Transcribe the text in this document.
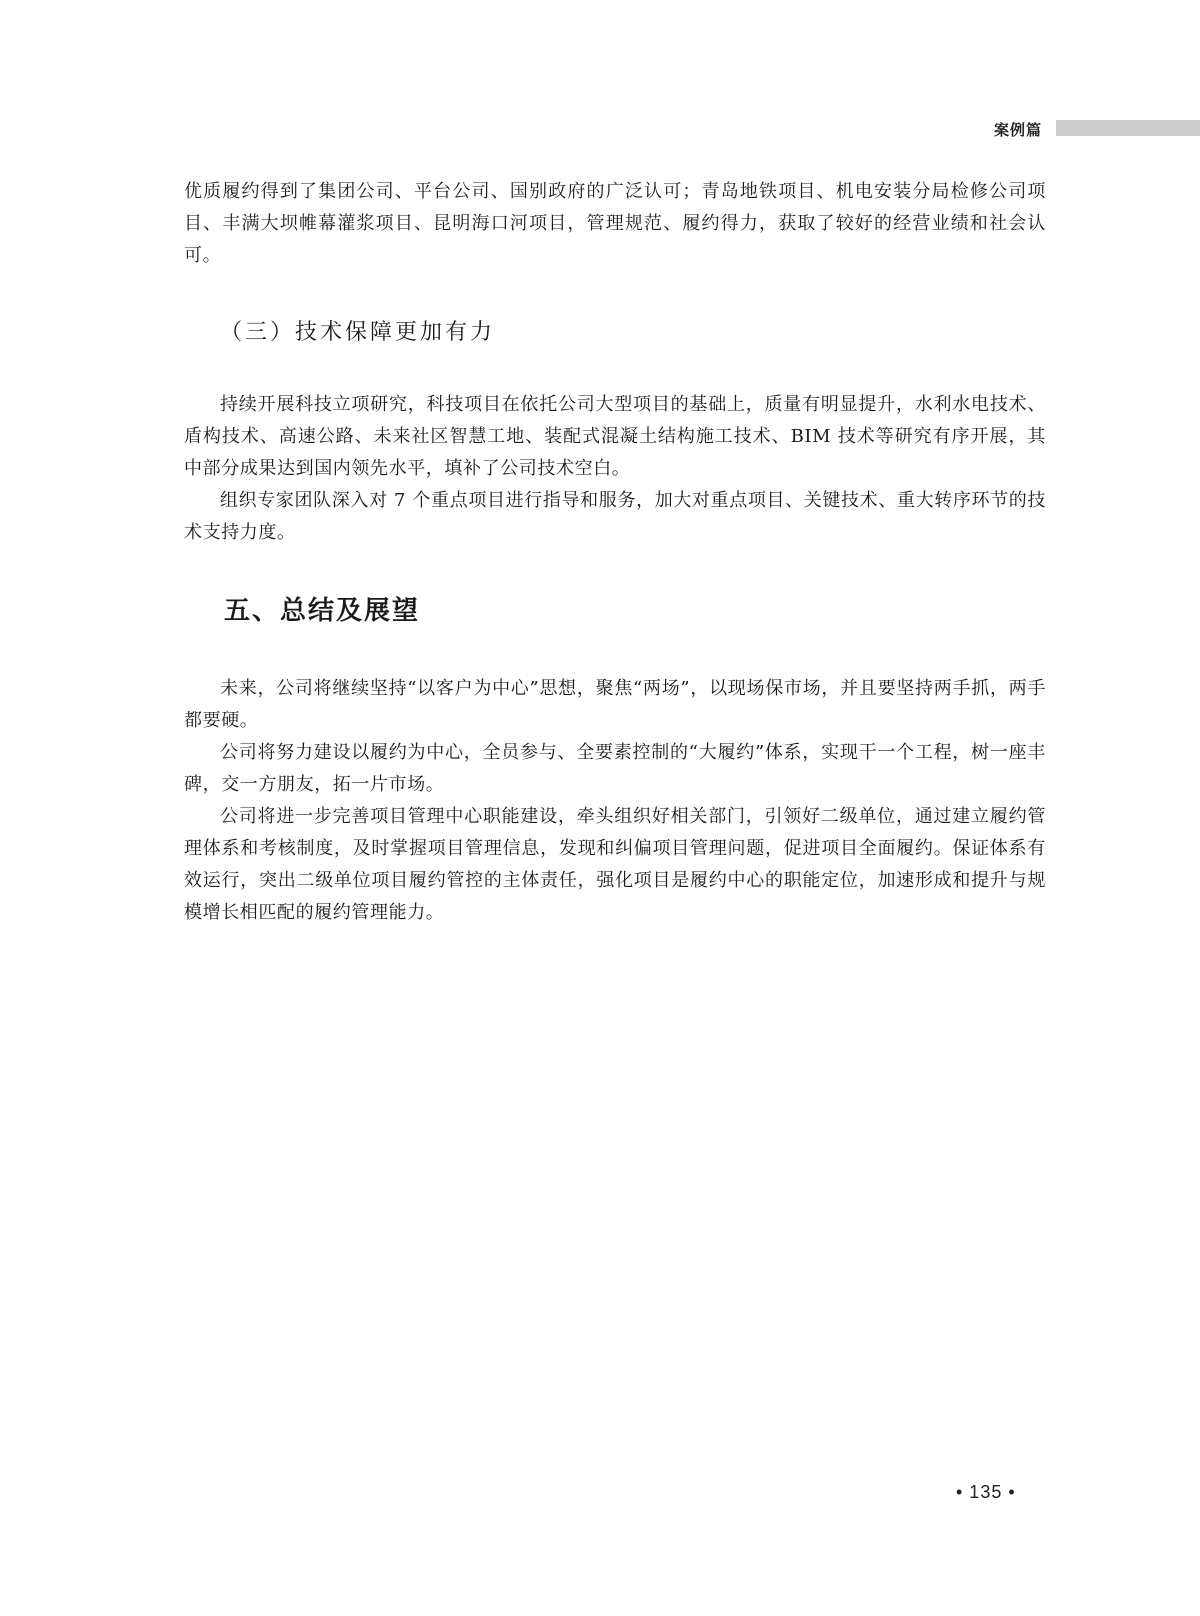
案例篇

优质履约得到了集团公司、平台公司、国别政府的广泛认可；青岛地铁项目、机电安装分局检修公司项目、丰满大坝帷幕灌浆项目、昆明海口河项目，管理规范、履约得力，获取了较好的经营业绩和社会认可。

（三）技术保障更加有力

持续开展科技立项研究，科技项目在依托公司大型项目的基础上，质量有明显提升，水利水电技术、盾构技术、高速公路、未来社区智慧工地、装配式混凝土结构施工技术、BIM 技术等研究有序开展，其中部分成果达到国内领先水平，填补了公司技术空白。

组织专家团队深入对 7 个重点项目进行指导和服务，加大对重点项目、关键技术、重大转序环节的技术支持力度。

五、总结及展望

未来，公司将继续坚持“以客户为中心”思想，聚焦“两场”，以现场保市场，并且要坚持两手抓，两手都要硬。

公司将努力建设以履约为中心，全员参与、全要素控制的“大履约”体系，实现干一个工程，树一座丰碑，交一方朋友，拓一片市场。

公司将进一步完善项目管理中心职能建设，牵头组织好相关部门，引领好二级单位，通过建立履约管理体系和考核制度，及时掌握项目管理信息，发现和纠偏项目管理问题，促进项目全面履约。保证体系有效运行，突出二级单位项目履约管控的主体责任，强化项目是履约中心的职能定位，加速形成和提升与规模增长相匹配的履约管理能力。

• 135 •
